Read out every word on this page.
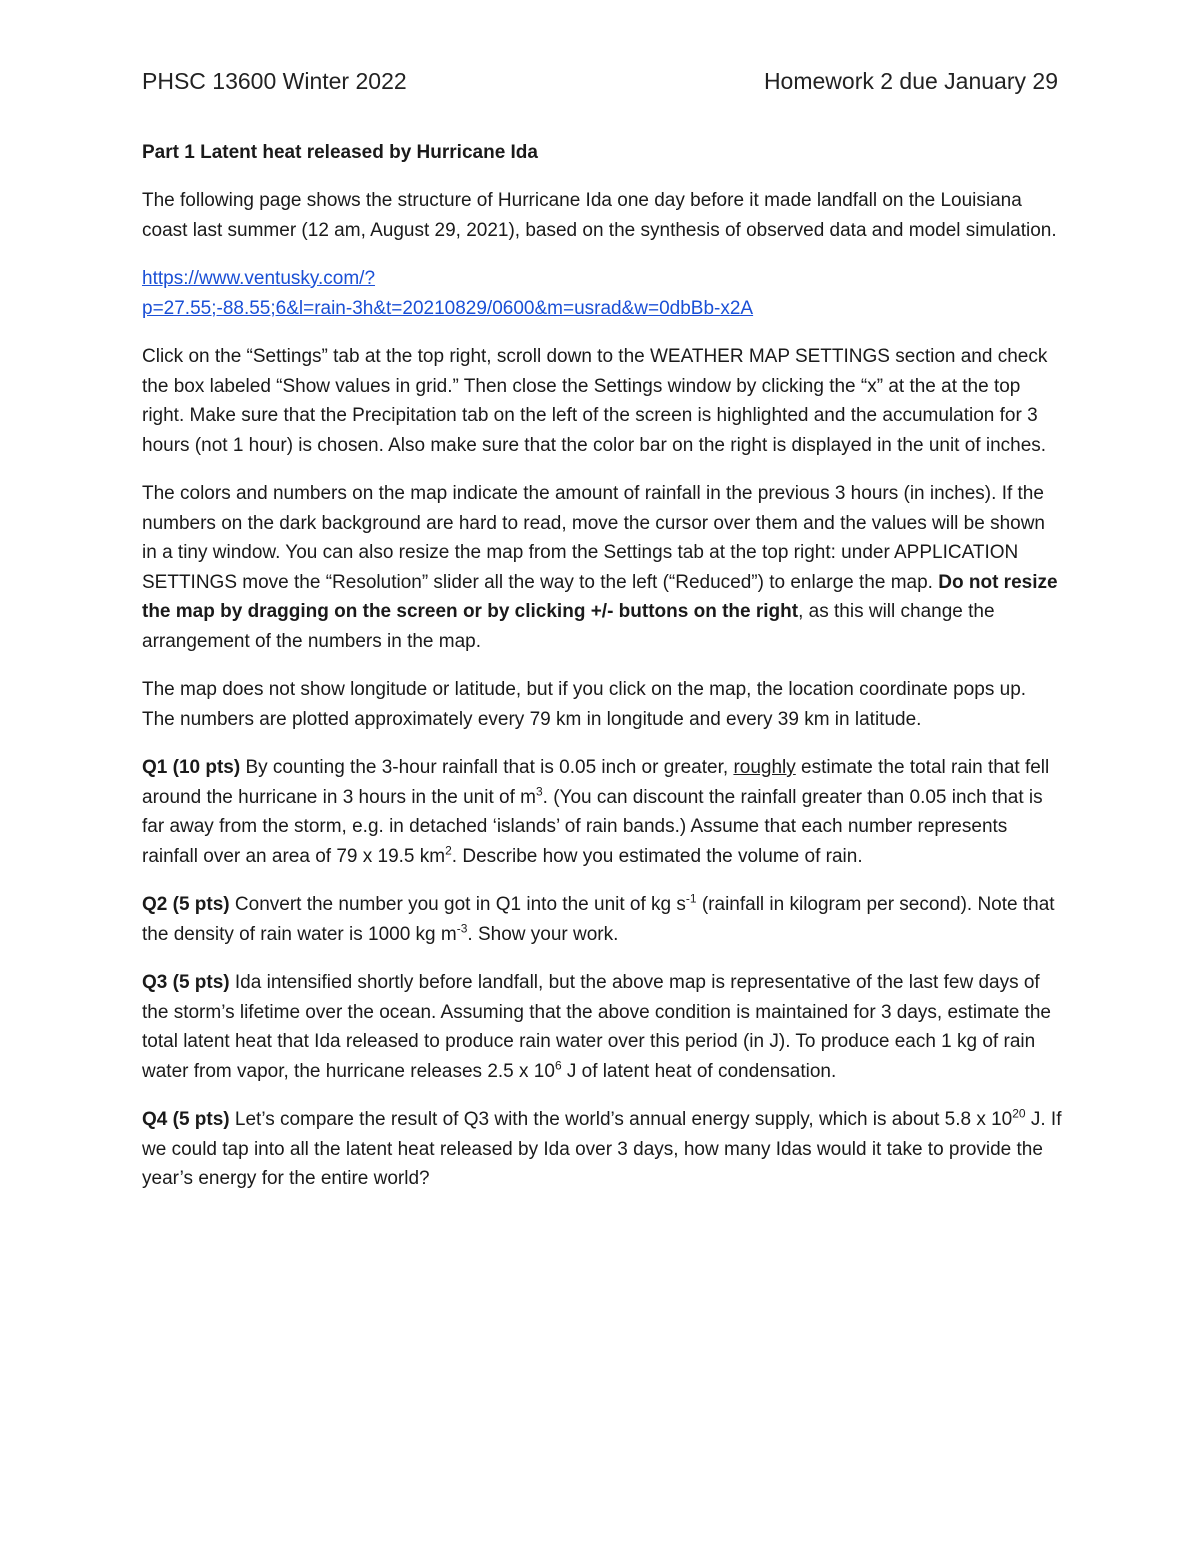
PHSC 13600 Winter 2022	Homework 2 due January 29
Part 1 Latent heat released by Hurricane Ida

The following page shows the structure of Hurricane Ida one day before it made landfall on the Louisiana coast last summer (12 am, August 29, 2021), based on the synthesis of observed data and model simulation.

https://www.ventusky.com/?
p=27.55;-88.55;6&l=rain-3h&t=20210829/0600&m=usrad&w=0dbBb-x2A

Click on the “Settings” tab at the top right, scroll down to the WEATHER MAP SETTINGS section and check the box labeled “Show values in grid.” Then close the Settings window by clicking the “x” at the at the top right. Make sure that the Precipitation tab on the left of the screen is highlighted and the accumulation for 3 hours (not 1 hour) is chosen. Also make sure that the color bar on the right is displayed in the unit of inches.

The colors and numbers on the map indicate the amount of rainfall in the previous 3 hours (in inches). If the numbers on the dark background are hard to read, move the cursor over them and the values will be shown in a tiny window. You can also resize the map from the Settings tab at the top right: under APPLICATION SETTINGS move the “Resolution” slider all the way to the left (“Reduced”) to enlarge the map. Do not resize the map by dragging on the screen or by clicking +/- buttons on the right, as this will change the arrangement of the numbers in the map.

The map does not show longitude or latitude, but if you click on the map, the location coordinate pops up. The numbers are plotted approximately every 79 km in longitude and every 39 km in latitude.

Q1 (10 pts) By counting the 3-hour rainfall that is 0.05 inch or greater, roughly estimate the total rain that fell around the hurricane in 3 hours in the unit of $m^3$. (You can discount the rainfall greater than 0.05 inch that is far away from the storm, e.g. in detached ‘islands’ of rain bands.) Assume that each number represents rainfall over an area of 79 x 19.5 $km^2$. Describe how you estimated the volume of rain.

Q2 (5 pts) Convert the number you got in Q1 into the unit of kg $s^{-1}$ (rainfall in kilogram per second). Note that the density of rain water is 1000 kg $m^{-3}$. Show your work.

Q3 (5 pts) Ida intensified shortly before landfall, but the above map is representative of the last few days of the storm’s lifetime over the ocean. Assuming that the above condition is maintained for 3 days, estimate the total latent heat that Ida released to produce rain water over this period (in J). To produce each 1 kg of rain water from vapor, the hurricane releases 2.5 x $10^6$ J of latent heat of condensation.

Q4 (5 pts) Let’s compare the result of Q3 with the world’s annual energy supply, which is about 5.8 x $10^{20}$ J. If we could tap into all the latent heat released by Ida over 3 days, how many Idas would it take to provide the year’s energy for the entire world?
